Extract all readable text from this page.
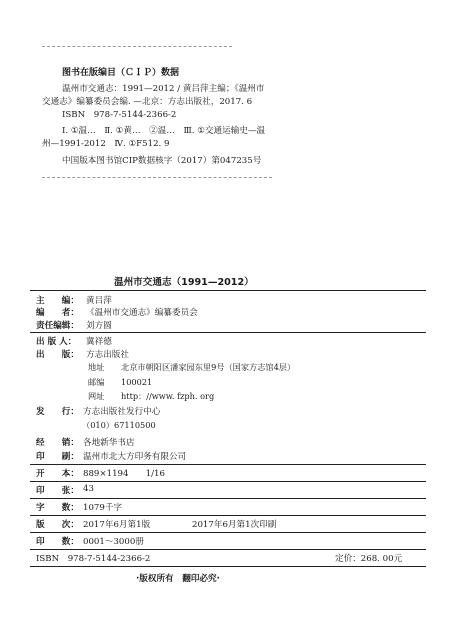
图书在版编目（ＣＩＰ）数据
温州市交通志：1991—2012 / 黄吕萍主编；《温州市
交通志》编纂委员会编. —北京：方志出版社，2017. 6
ISBN　978-7-5144-2366-2
Ⅰ. ①温…　Ⅱ. ①黄…　②温…　Ⅲ. ①交通运输史—温
州—1991-2012　Ⅳ. ①F512. 9
中国版本图书馆CIP数据核字（2017）第047235号
温州市交通志（1991—2012）
主　　编： 黄吕萍
编　　者： 《温州市交通志》编纂委员会
责任编辑： 刘方圆
出 版 人： 冀祥德
出　　版： 方志出版社
地址 北京市朝阳区潘家园东里9号（国家方志馆4层）
邮编 100021
网址 http：//www. fzph. org
发　　行： 方志出版社发行中心
（010）67110500
经　　销： 各地新华书店
印　　刷： 温州市北大方印务有限公司
开　　本： 889×1194　　1/16
印　　张： 43
字　　数： 1079千字
版　　次： 2017年6月第1版	2017年6月第1次印刷
印　　数： 0001～3000册
ISBN　978-7-5144-2366-2	定价：268. 00元
·版权所有　翻印必究·
